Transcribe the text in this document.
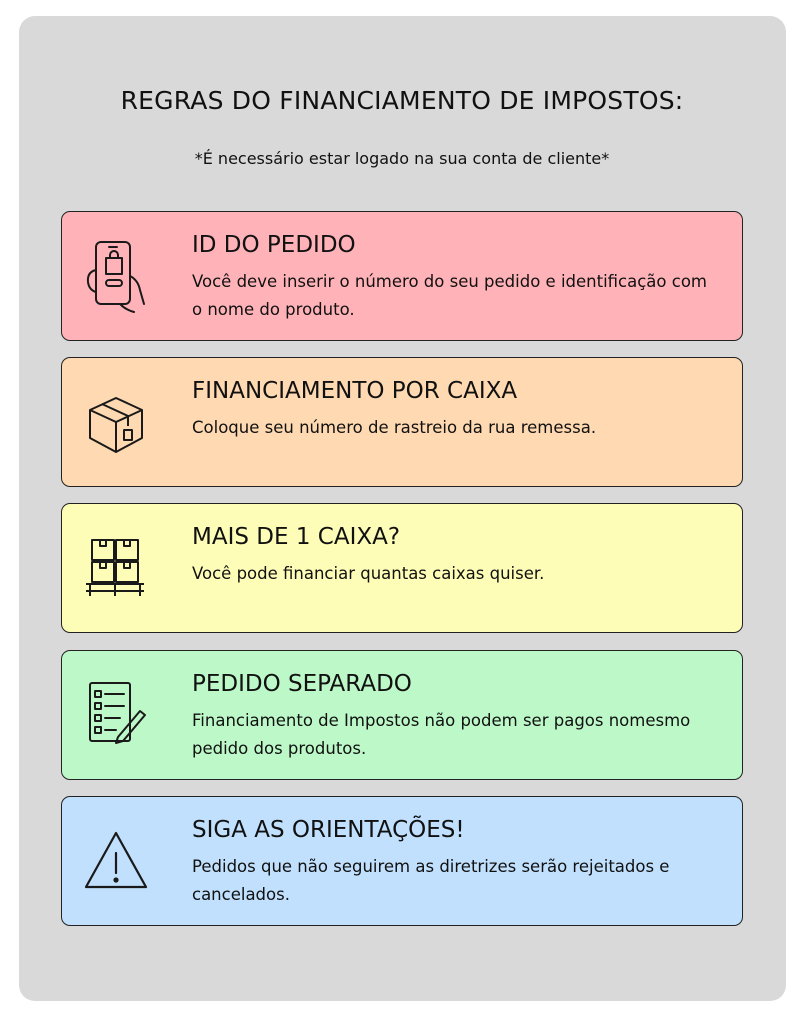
REGRAS DO FINANCIAMENTO DE IMPOSTOS:
*É necessário estar logado na sua conta de cliente*
ID DO PEDIDO
Você deve inserir o número do seu pedido e identificação com o nome do produto.
FINANCIAMENTO POR CAIXA
Coloque seu número de rastreio da rua remessa.
MAIS DE 1 CAIXA?
Você pode financiar quantas caixas quiser.
PEDIDO SEPARADO
Financiamento de Impostos não podem ser pagos nomesmo pedido dos produtos.
SIGA AS ORIENTAÇÕES!
Pedidos que não seguirem as diretrizes serão rejeitados e cancelados.
